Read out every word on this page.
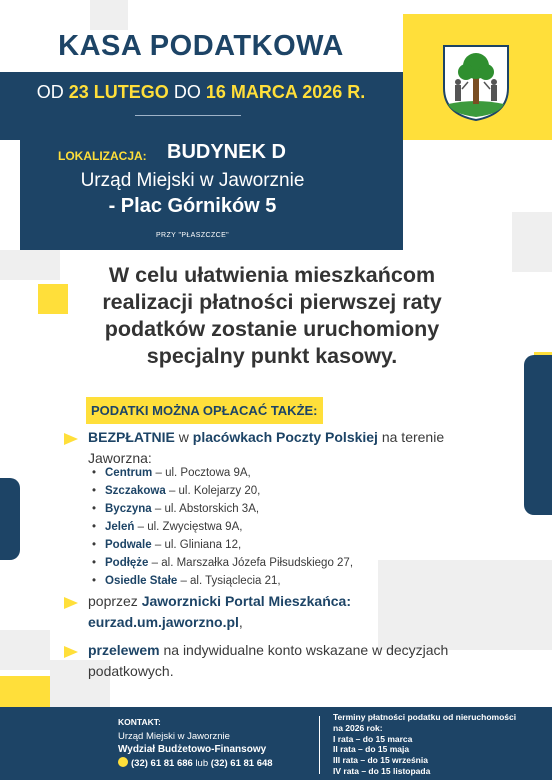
KASA PODATKOWA
OD 23 LUTEGO DO 16 MARCA 2026 R.
LOKALIZACJA: BUDYNEK D
Urząd Miejski w Jaworznie
- Plac Górników 5
PRZY "PŁASZCZCE"
W celu ułatwienia mieszkańcom realizacji płatności pierwszej raty podatków zostanie uruchomiony specjalny punkt kasowy.
PODATKI MOŻNA OPŁACAĆ TAKŻE:
BEZPŁATNIE w placówkach Poczty Polskiej na terenie Jaworzna:
• Centrum – ul. Pocztowa 9A,
• Szczakowa – ul. Kolejarzy 20,
• Byczyna – ul. Abstorskich 3A,
• Jeleń – ul. Zwycięstwa 9A,
• Podwale – ul. Gliniana 12,
• Podłęże – al. Marszałka Józefa Piłsudskiego 27,
• Osiedle Stałe – al. Tysiąclecia 21,
poprzez Jaworznicki Portal Mieszkańca:
eurzad.um.jaworzno.pl,
przelewem na indywidualne konto wskazane w decyzjach podatkowych.
KONTAKT:
Urząd Miejski w Jaworznie
Wydział Budżetowo-Finansowy
(32) 61 81 686 lub (32) 61 81 648
Terminy płatności podatku od nieruchomości
na 2026 rok:
I rata – do 15 marca
II rata – do 15 maja
III rata – do 15 września
IV rata – do 15 listopada
